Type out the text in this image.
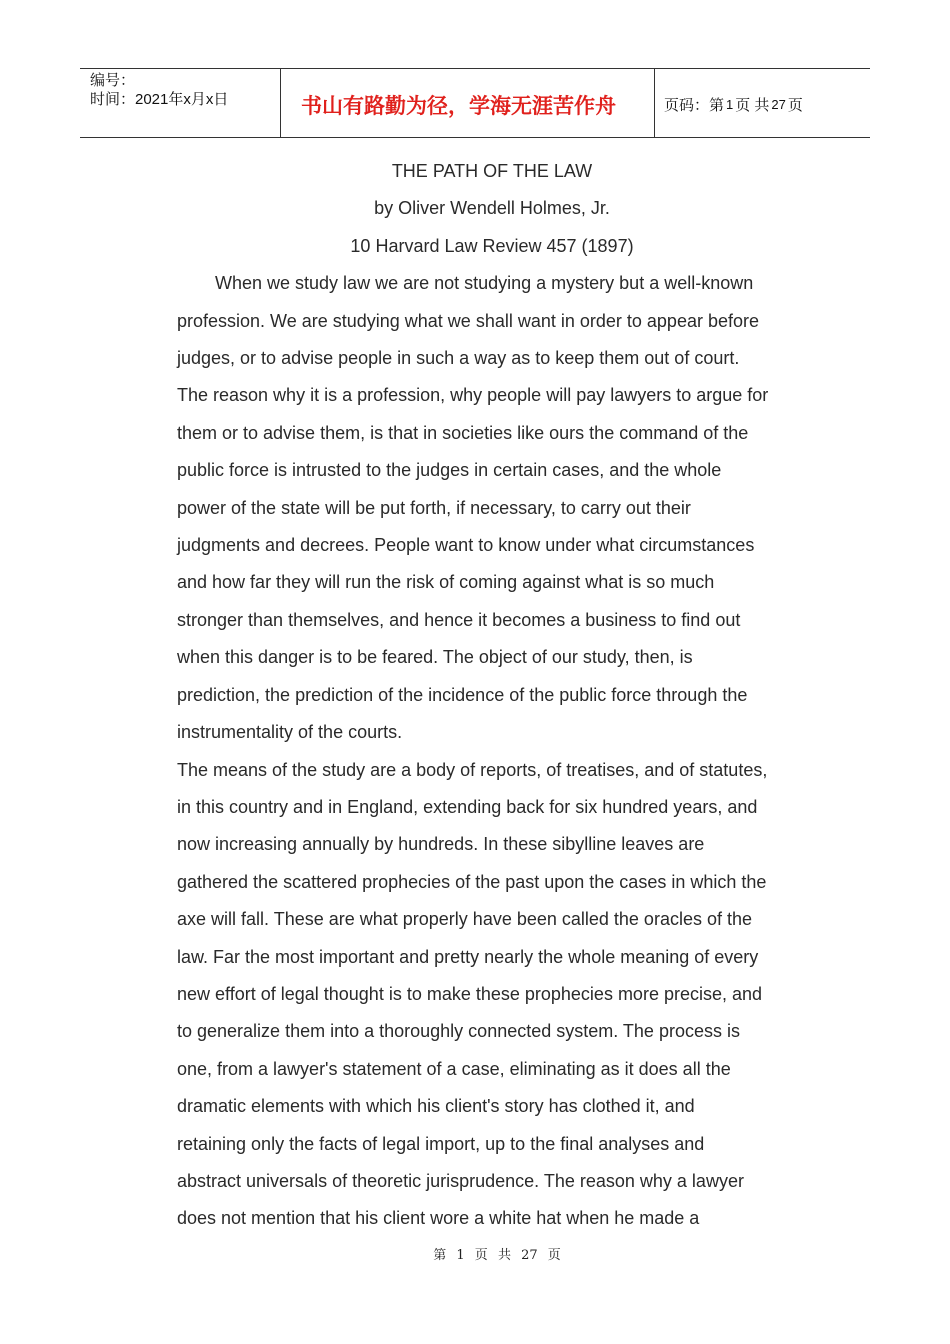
编号：
时间：2021年x月x日	书山有路勤为径，学海无涯苦作舟	页码：第 1 页 共 27 页
THE PATH OF THE LAW
by Oliver Wendell Holmes, Jr.
10 Harvard Law Review 457 (1897)

When we study law we are not studying a mystery but a well-known
profession. We are studying what we shall want in order to appear before
judges, or to advise people in such a way as to keep them out of court.
The reason why it is a profession, why people will pay lawyers to argue for
them or to advise them, is that in societies like ours the command of the
public force is intrusted to the judges in certain cases, and the whole
power of the state will be put forth, if necessary, to carry out their
judgments and decrees. People want to know under what circumstances
and how far they will run the risk of coming against what is so much
stronger than themselves, and hence it becomes a business to find out
when this danger is to be feared. The object of our study, then, is
prediction, the prediction of the incidence of the public force through the
instrumentality of the courts.

The means of the study are a body of reports, of treatises, and of statutes,
in this country and in England, extending back for six hundred years, and
now increasing annually by hundreds. In these sibylline leaves are
gathered the scattered prophecies of the past upon the cases in which the
axe will fall. These are what properly have been called the oracles of the
law. Far the most important and pretty nearly the whole meaning of every
new effort of legal thought is to make these prophecies more precise, and
to generalize them into a thoroughly connected system. The process is
one, from a lawyer's statement of a case, eliminating as it does all the
dramatic elements with which his client's story has clothed it, and
retaining only the facts of legal import, up to the final analyses and
abstract universals of theoretic jurisprudence. The reason why a lawyer
does not mention that his client wore a white hat when he made a

第 1 页 共 27 页
